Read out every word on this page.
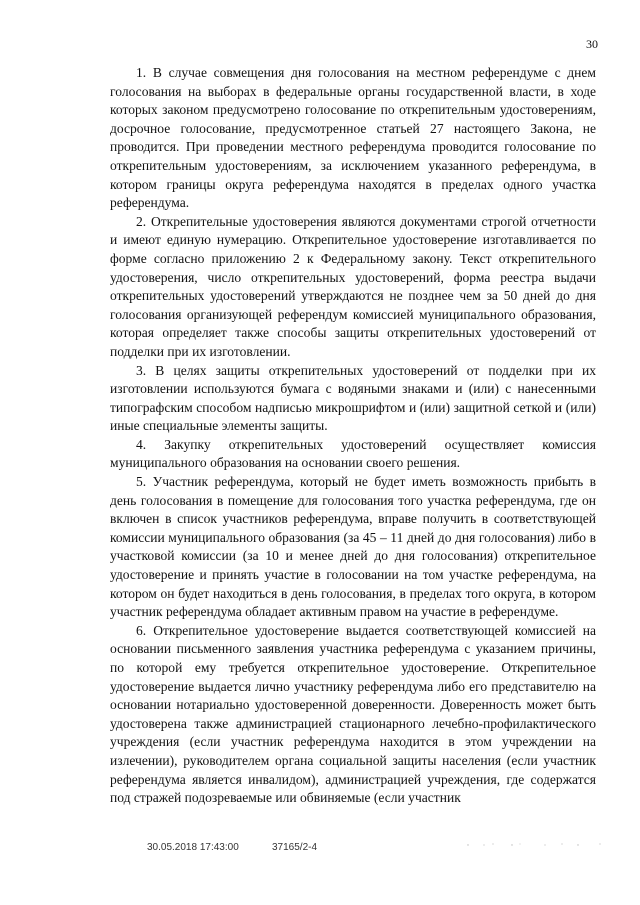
30

1. В случае совмещения дня голосования на местном референдуме с днем голосования на выборах в федеральные органы государственной власти, в ходе которых законом предусмотрено голосование по открепительным удостоверениям, досрочное голосование, предусмотренное статьей 27 настоящего Закона, не проводится. При проведении местного референдума проводится голосование по открепительным удостоверениям, за исключением указанного референдума, в котором границы округа референдума находятся в пределах одного участка референдума.

2. Открепительные удостоверения являются документами строгой отчетности и имеют единую нумерацию. Открепительное удостоверение изготавливается по форме согласно приложению 2 к Федеральному закону. Текст открепительного удостоверения, число открепительных удостоверений, форма реестра выдачи открепительных удостоверений утверждаются не позднее чем за 50 дней до дня голосования организующей референдум комиссией муниципального образования, которая определяет также способы защиты открепительных удостоверений от подделки при их изготовлении.

3. В целях защиты открепительных удостоверений от подделки при их изготовлении используются бумага с водяными знаками и (или) с нанесенными типографским способом надписью микрошрифтом и (или) защитной сеткой и (или) иные специальные элементы защиты.

4. Закупку открепительных удостоверений осуществляет комиссия муниципального образования на основании своего решения.

5. Участник референдума, который не будет иметь возможность прибыть в день голосования в помещение для голосования того участка референдума, где он включен в список участников референдума, вправе получить в соответствующей комиссии муниципального образования (за 45 – 11 дней до дня голосования) либо в участковой комиссии (за 10 и менее дней до дня голосования) открепительное удостоверение и принять участие в голосовании на том участке референдума, на котором он будет находиться в день голосования, в пределах того округа, в котором участник референдума обладает активным правом на участие в референдуме.

6. Открепительное удостоверение выдается соответствующей комиссией на основании письменного заявления участника референдума с указанием причины, по которой ему требуется открепительное удостоверение. Открепительное удостоверение выдается лично участнику референдума либо его представителю на основании нотариально удостоверенной доверенности. Доверенность может быть удостоверена также администрацией стационарного лечебно-профилактического учреждения (если участник референдума находится в этом учреждении на излечении), руководителем органа социальной защиты населения (если участник референдума является инвалидом), администрацией учреждения, где содержатся под стражей подозреваемые или обвиняемые (если участник

30.05.2018 17:43:00	37165/2-4
